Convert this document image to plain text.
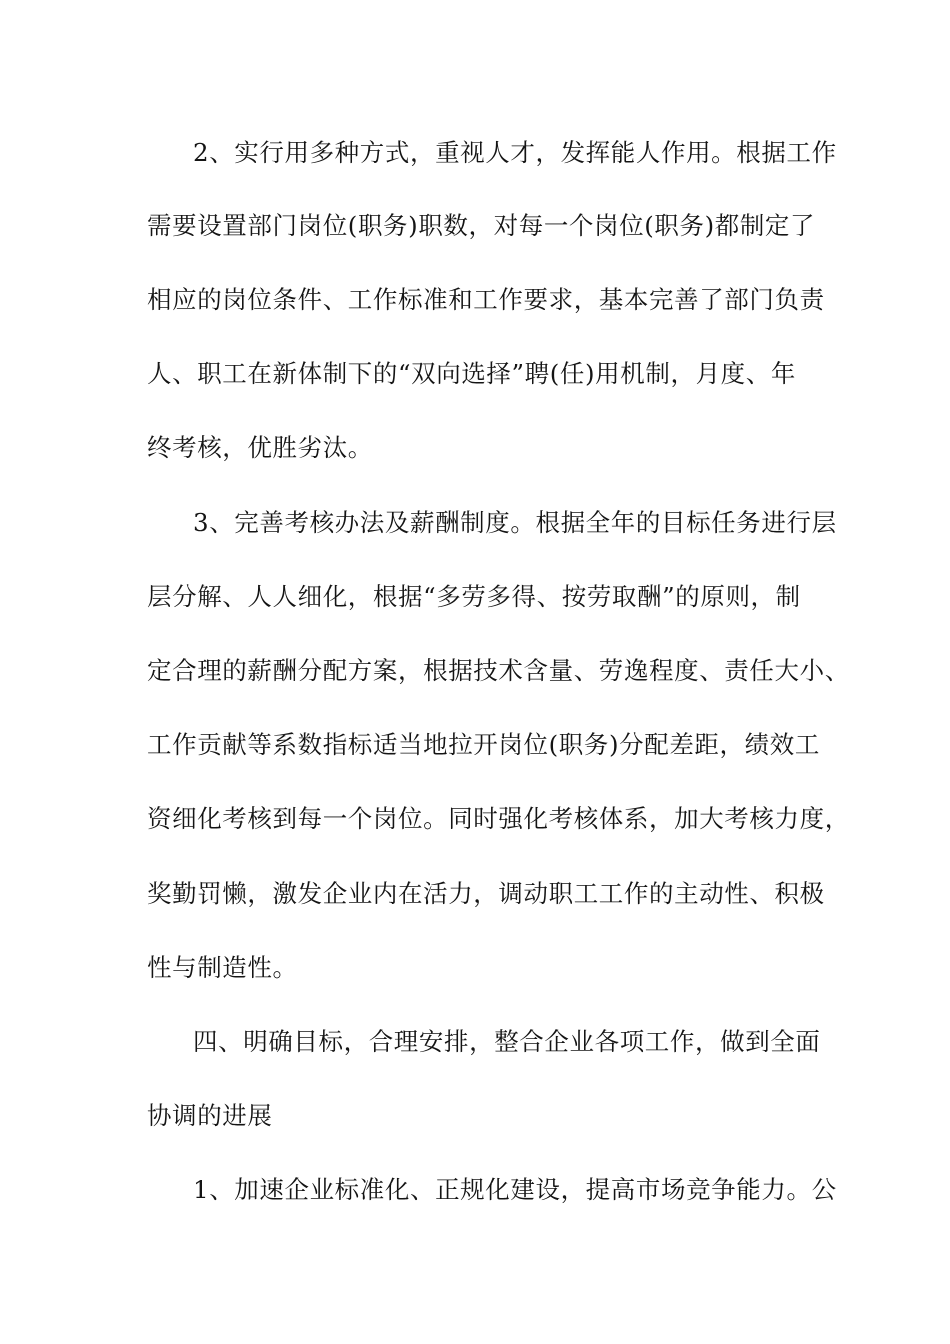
2、实行用多种方式，重视人才，发挥能人作用。根据工作
需要设置部门岗位(职务)职数，对每一个岗位(职务)都制定了
相应的岗位条件、工作标准和工作要求，基本完善了部门负责
人、职工在新体制下的“双向选择”聘(任)用机制，月度、年
终考核，优胜劣汰。
3、完善考核办法及薪酬制度。根据全年的目标任务进行层
层分解、人人细化，根据“多劳多得、按劳取酬”的原则，制
定合理的薪酬分配方案，根据技术含量、劳逸程度、责任大小、
工作贡献等系数指标适当地拉开岗位(职务)分配差距，绩效工
资细化考核到每一个岗位。同时强化考核体系，加大考核力度，
奖勤罚懒，激发企业内在活力，调动职工工作的主动性、积极
性与制造性。
四、明确目标，合理安排，整合企业各项工作，做到全面
协调的进展
1、加速企业标准化、正规化建设，提高市场竞争能力。公
